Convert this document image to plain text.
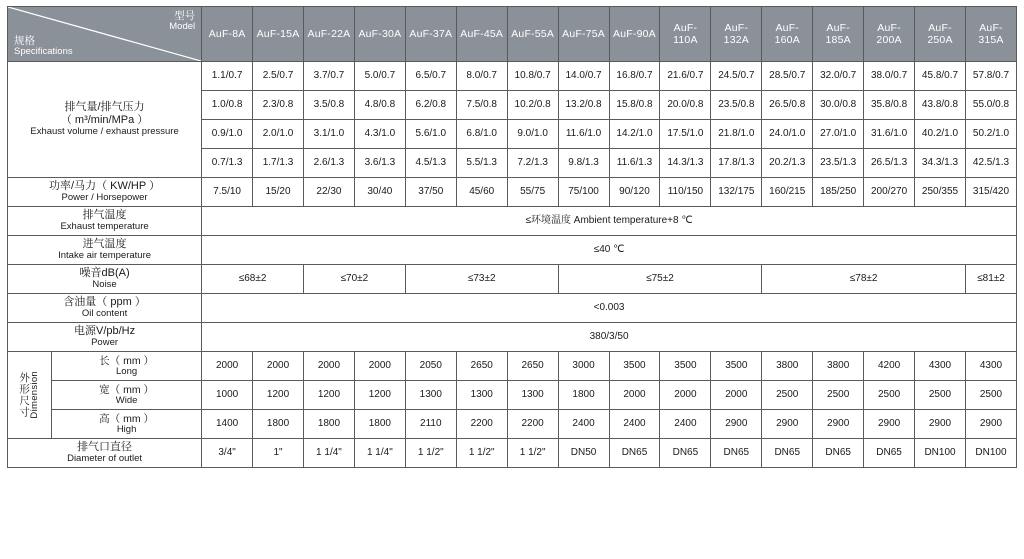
型号
Model
规格
Specifications		AuF-8A	AuF-15A	AuF-22A	AuF-30A	AuF-37A	AuF-45A	AuF-55A	AuF-75A	AuF-90A	AuF-110A	AuF-132A	AuF-160A	AuF-185A	AuF-200A	AuF-250A	AuF-315A

排气量/排气压力
（ m³/min/MPa ）
Exhaust volume / exhaust pressure		1.1/0.7	2.5/0.7	3.7/0.7	5.0/0.7	6.5/0.7	8.0/0.7	10.8/0.7	14.0/0.7	16.8/0.7	21.6/0.7	24.5/0.7	28.5/0.7	32.0/0.7	38.0/0.7	45.8/0.7	57.8/0.7
		1.0/0.8	2.3/0.8	3.5/0.8	4.8/0.8	6.2/0.8	7.5/0.8	10.2/0.8	13.2/0.8	15.8/0.8	20.0/0.8	23.5/0.8	26.5/0.8	30.0/0.8	35.8/0.8	43.8/0.8	55.0/0.8
		0.9/1.0	2.0/1.0	3.1/1.0	4.3/1.0	5.6/1.0	6.8/1.0	9.0/1.0	11.6/1.0	14.2/1.0	17.5/1.0	21.8/1.0	24.0/1.0	27.0/1.0	31.6/1.0	40.2/1.0	50.2/1.0
		0.7/1.3	1.7/1.3	2.6/1.3	3.6/1.3	4.5/1.3	5.5/1.3	7.2/1.3	9.8/1.3	11.6/1.3	14.3/1.3	17.8/1.3	20.2/1.3	23.5/1.3	26.5/1.3	34.3/1.3	42.5/1.3

功率/马力（ KW/HP ）
Power / Horsepower		7.5/10	15/20	22/30	30/40	37/50	45/60	55/75	75/100	90/120	110/150	132/175	160/215	185/250	200/270	250/355	315/420

排气温度
Exhaust temperature		≤环境温度 Ambient temperature+8 ℃															

进气温度
Intake air temperature		≤40 ℃															

噪音dB(A)
Noise		≤68±2		≤70±2		≤73±2			≤75±2				≤78±2				≤81±2

含油量（ ppm ）
Oil content		<0.003															

电源V/pb/Hz
Power		380/3/50															

外形尺寸 Dimension	长（ mm ）
Long	2000	2000	2000	2000	2050	2650	2650	3000	3500	3500	3500	3800	3800	4200	4300	4300

	宽（ mm ）
Wide	1000	1200	1200	1200	1300	1300	1300	1800	2000	2000	2000	2500	2500	2500	2500	2500

	高（ mm ）
High	1400	1800	1800	1800	2110	2200	2200	2400	2400	2400	2900	2900	2900	2900	2900	2900

排气口直径
Diameter of outlet		3/4"	1"	1 1/4"	1 1/4"	1 1/2"	1 1/2"	1 1/2"	DN50	DN65	DN65	DN65	DN65	DN65	DN65	DN100	DN100
